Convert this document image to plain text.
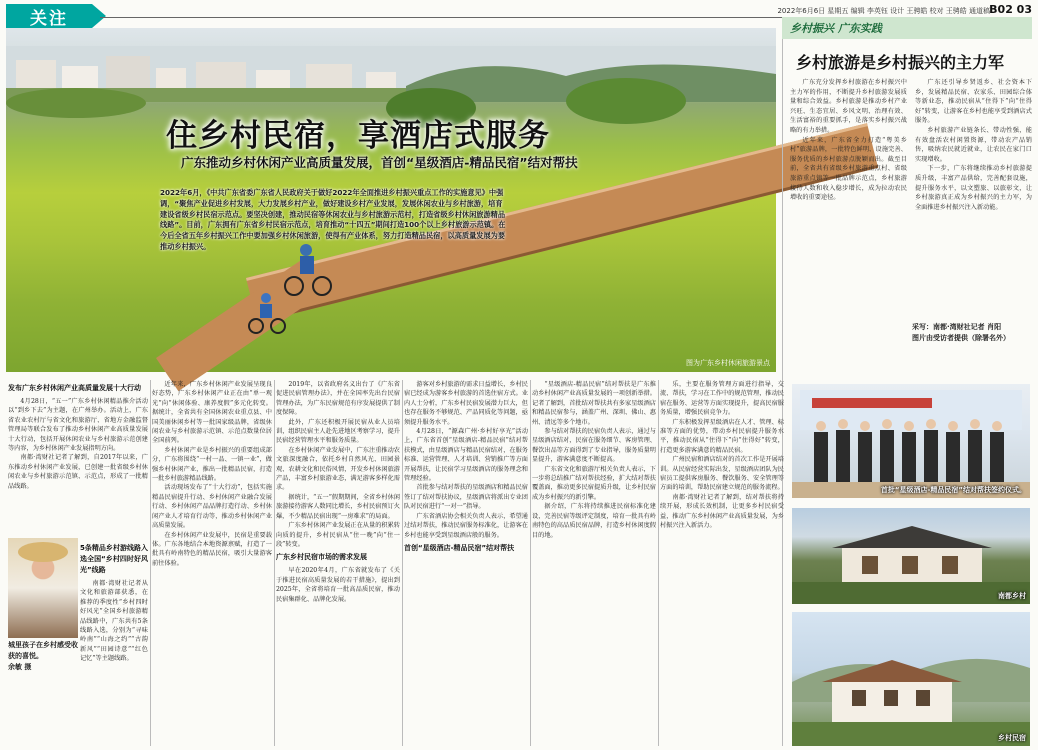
关注	2022年6月6日 星期五 编辑 李英钰 设计 王骋皓 校对 王骋皓 通道稿 B02 03
住乡村民宿，享酒店式服务
广东推动乡村休闲产业高质量发展，首创“星级酒店-精品民宿”结对帮扶
2022年6月，《中共广东省委广东省人民政府关于做好2022年全面推进乡村振兴重点工作的实施意见》中强调，“聚焦产业促进乡村发展，大力发展乡村产业，做好建设乡村产业发展，发展休闲农业与乡村旅游，培育建设省级乡村民宿示范点。要坚决创建，推动民宿等休闲农业与乡村旅游示范村，打造省级乡村休闲旅游精品线路”。目前，广东拥有广东省乡村民宿示范点，培育推动“十四五”期间打造100个以上乡村旅游示范镇。在今后全省五年乡村振兴工作中要加强乡村休闲旅游，使得有产业体系，努力打造精品民宿，以高质量发展为要推动乡村振兴。
图为广东乡村休闲旅游景点
乡村振兴 广东实践
乡村旅游是乡村振兴的主力军

广东充分发挥乡村旅游在乡村振兴中主力军的作用，不断提升乡村旅游发展质量和综合效益。乡村旅游是推动乡村产业兴旺、生态宜居、乡风文明、治理有效、生活富裕的重要抓手，是落实乡村振兴战略的有力举措。

近年来，广东省全力打造“粤美乡村”旅游品牌，一批特色鲜明、设施完善、服务优质的乡村旅游点脱颖而出。截至目前，全省共有省级乡村旅游重点村、省级旅游重点镇等一批品牌示范点，乡村旅游接待人数和收入稳步增长，成为拉动农民增收的重要途径。

广东还引导乡贤返乡、社会资本下乡，发展精品民宿、农家乐、田园综合体等新业态，推动民宿从“住得下”向“住得好”转变，让游客在乡村也能享受到酒店式服务。

乡村旅游产业链条长、带动性强，能有效盘活农村闲置资源，带动农产品销售，吸纳农民就近就业，让农民在家门口实现增收。

下一步，广东将继续推动乡村旅游提质升级，丰富产品供给，完善配套设施，提升服务水平，以文塑旅、以旅彰文，让乡村旅游真正成为乡村振兴的主力军，为全面推进乡村振兴注入新动能。

采写：南都·湾财社记者 肖阳
图片由受访者提供（除署名外）
首批“星级酒店-精品民宿”结对帮扶签约仪式。
南都乡村
乡村民宿
发布广东乡村休闲产业高质量发展十大行动

4月28日，“五一”广东乡村休闲精品推介活动以“到乡下去”为主题，在广州举办。活动上，广东省农业农村厅与省文化和旅游厅、省地方金融监督管理局等联合发布了推动乡村休闲产业高质量发展十大行动，包括开展休闲农业与乡村旅游示范创建等内容，为乡村休闲产业发展指明方向。

南都·湾财社记者了解到，自2017年以来，广东推动乡村休闲产业发展，已创建一批省级乡村休闲农业与乡村旅游示范镇、示范点，形成了一批精品线路。

城里孩子在乡村感受收获的喜悦。
余敏 摄
5条精品乡村游线路入选全国“乡村四时好风光”线路

南都·湾财社记者从文化和旅游部获悉，在推荐的季度性“乡村四时好风光”全国乡村旅游精品线路中，广东共有5条线路入选，分别为“寻味岭南”“山海之约”“古韵新风”“田园诗意”“红色记忆”等主题线路。

近年来，广东乡村休闲产业发展呈现良好态势，广东乡村休闲产业正在由“单一观光”向“休闲体验、康养度假”多元化转变。据统计，全省共有全国休闲农业重点县、中国美丽休闲乡村等一批国家级品牌，省级休闲农业与乡村旅游示范镇、示范点数量位居全国前列。

乡村休闲产业是乡村振兴的重要组成部分，广东将围绕“一村一品、一镇一业”，做强乡村休闲产业，推出一批精品民宿，打造一批乡村旅游精品线路。

活动现场发布了“十大行动”，包括实施精品民宿提升行动、乡村休闲产业融合发展行动、乡村休闲产品品牌打造行动、乡村休闲产业人才培育行动等，推动乡村休闲产业高质量发展。

在乡村休闲产业发展中，民宿是重要载体。广东各地结合本地资源禀赋，打造了一批具有岭南特色的精品民宿，吸引大量游客前往体验。

2019年，以省政府名义出台了《广东省促进民宿管理办法》，并在全国率先出台民宿管理办法，为广东民宿规范有序发展提供了制度保障。

此外，广东还积极开展民宿从业人员培训，组织民宿主人赴先进地区考察学习，提升民宿经营管理水平和服务质量。

在乡村休闲产业发展中，广东注重推动农文旅深度融合，依托乡村自然风光、田园景观、农耕文化和民俗风情，开发乡村休闲旅游产品，丰富乡村旅游业态，满足游客多样化需求。

据统计，“五一”假期期间，全省乡村休闲旅游接待游客人数同比增长，乡村民宿预订火爆，不少精品民宿出现“一房难求”的局面。

广东乡村休闲产业发展正在从量的积累转向质的提升，乡村民宿从“住一晚”向“住一段”转变。

广东乡村民宿市场的需求发展

早在2020年4月，广东省就发布了《关于推进民宿高质量发展的若干措施》，提出到2025年，全省将培育一批高品质民宿，推动民宿集群化、品牌化发展。

游客对乡村旅游的需求日益增长，乡村民宿已经成为游客乡村旅游的首选住宿方式。业内人士分析，广东乡村民宿发展潜力巨大，但也存在服务不够规范、产品同质化等问题，亟须提升服务水平。

4月28日，“源森广州·乡村好享光”活动上，广东省首创“星级酒店-精品民宿”结对帮扶模式，由星级酒店与精品民宿结对，在服务标准、运营管理、人才培训、营销推广等方面开展帮扶，让民宿学习星级酒店的服务理念和管理经验。

首批参与结对帮扶的星级酒店和精品民宿签订了结对帮扶协议，星级酒店将派出专业团队对民宿进行“一对一”指导。

广东省酒店协会相关负责人表示，希望通过结对帮扶，推动民宿服务标准化，让游客在乡村也能享受到星级酒店般的服务。

首创“星级酒店-精品民宿”结对帮扶

“星级酒店-精品民宿”结对帮扶是广东推动乡村休闲产业高质量发展的一项创新举措。记者了解到，首批结对帮扶共有多家星级酒店和精品民宿参与，涵盖广州、深圳、佛山、惠州、清远等多个地市。

参与结对帮扶的民宿负责人表示，通过与星级酒店结对，民宿在服务细节、客房管理、餐饮出品等方面得到了专业指导，服务质量明显提升，游客满意度不断提高。

广东省文化和旅游厅相关负责人表示，下一步将总结推广结对帮扶经验，扩大结对帮扶覆盖面，推动更多民宿提质升级，让乡村民宿成为乡村振兴的新引擎。

据介绍，广东将持续推进民宿标准化建设，完善民宿等级评定制度，培育一批具有岭南特色的高品质民宿品牌，打造乡村休闲度假目的地。

乐，主要在服务管理方面进行指导，交流、帮扶，学习在工作中的规范管理，推动民宿在服务、运营等方面实现提升，提高民宿服务质量，增强民宿竞争力。

广东积极发挥星级酒店在人才、管理、标准等方面的优势，带动乡村民宿提升服务水平，推动民宿从“住得下”向“住得好”转变，打造更多游客满意的精品民宿。

广州民宿和酒店结对的首次工作是开展培训。从民宿经营实际出发，星级酒店团队为民宿员工提供客房服务、餐饮服务、安全管理等方面的培训，帮助民宿建立规范的服务流程。

南都·湾财社记者了解到，结对帮扶将持续开展，形成长效机制，让更多乡村民宿受益，推动广东乡村休闲产业高质量发展，为乡村振兴注入新活力。
